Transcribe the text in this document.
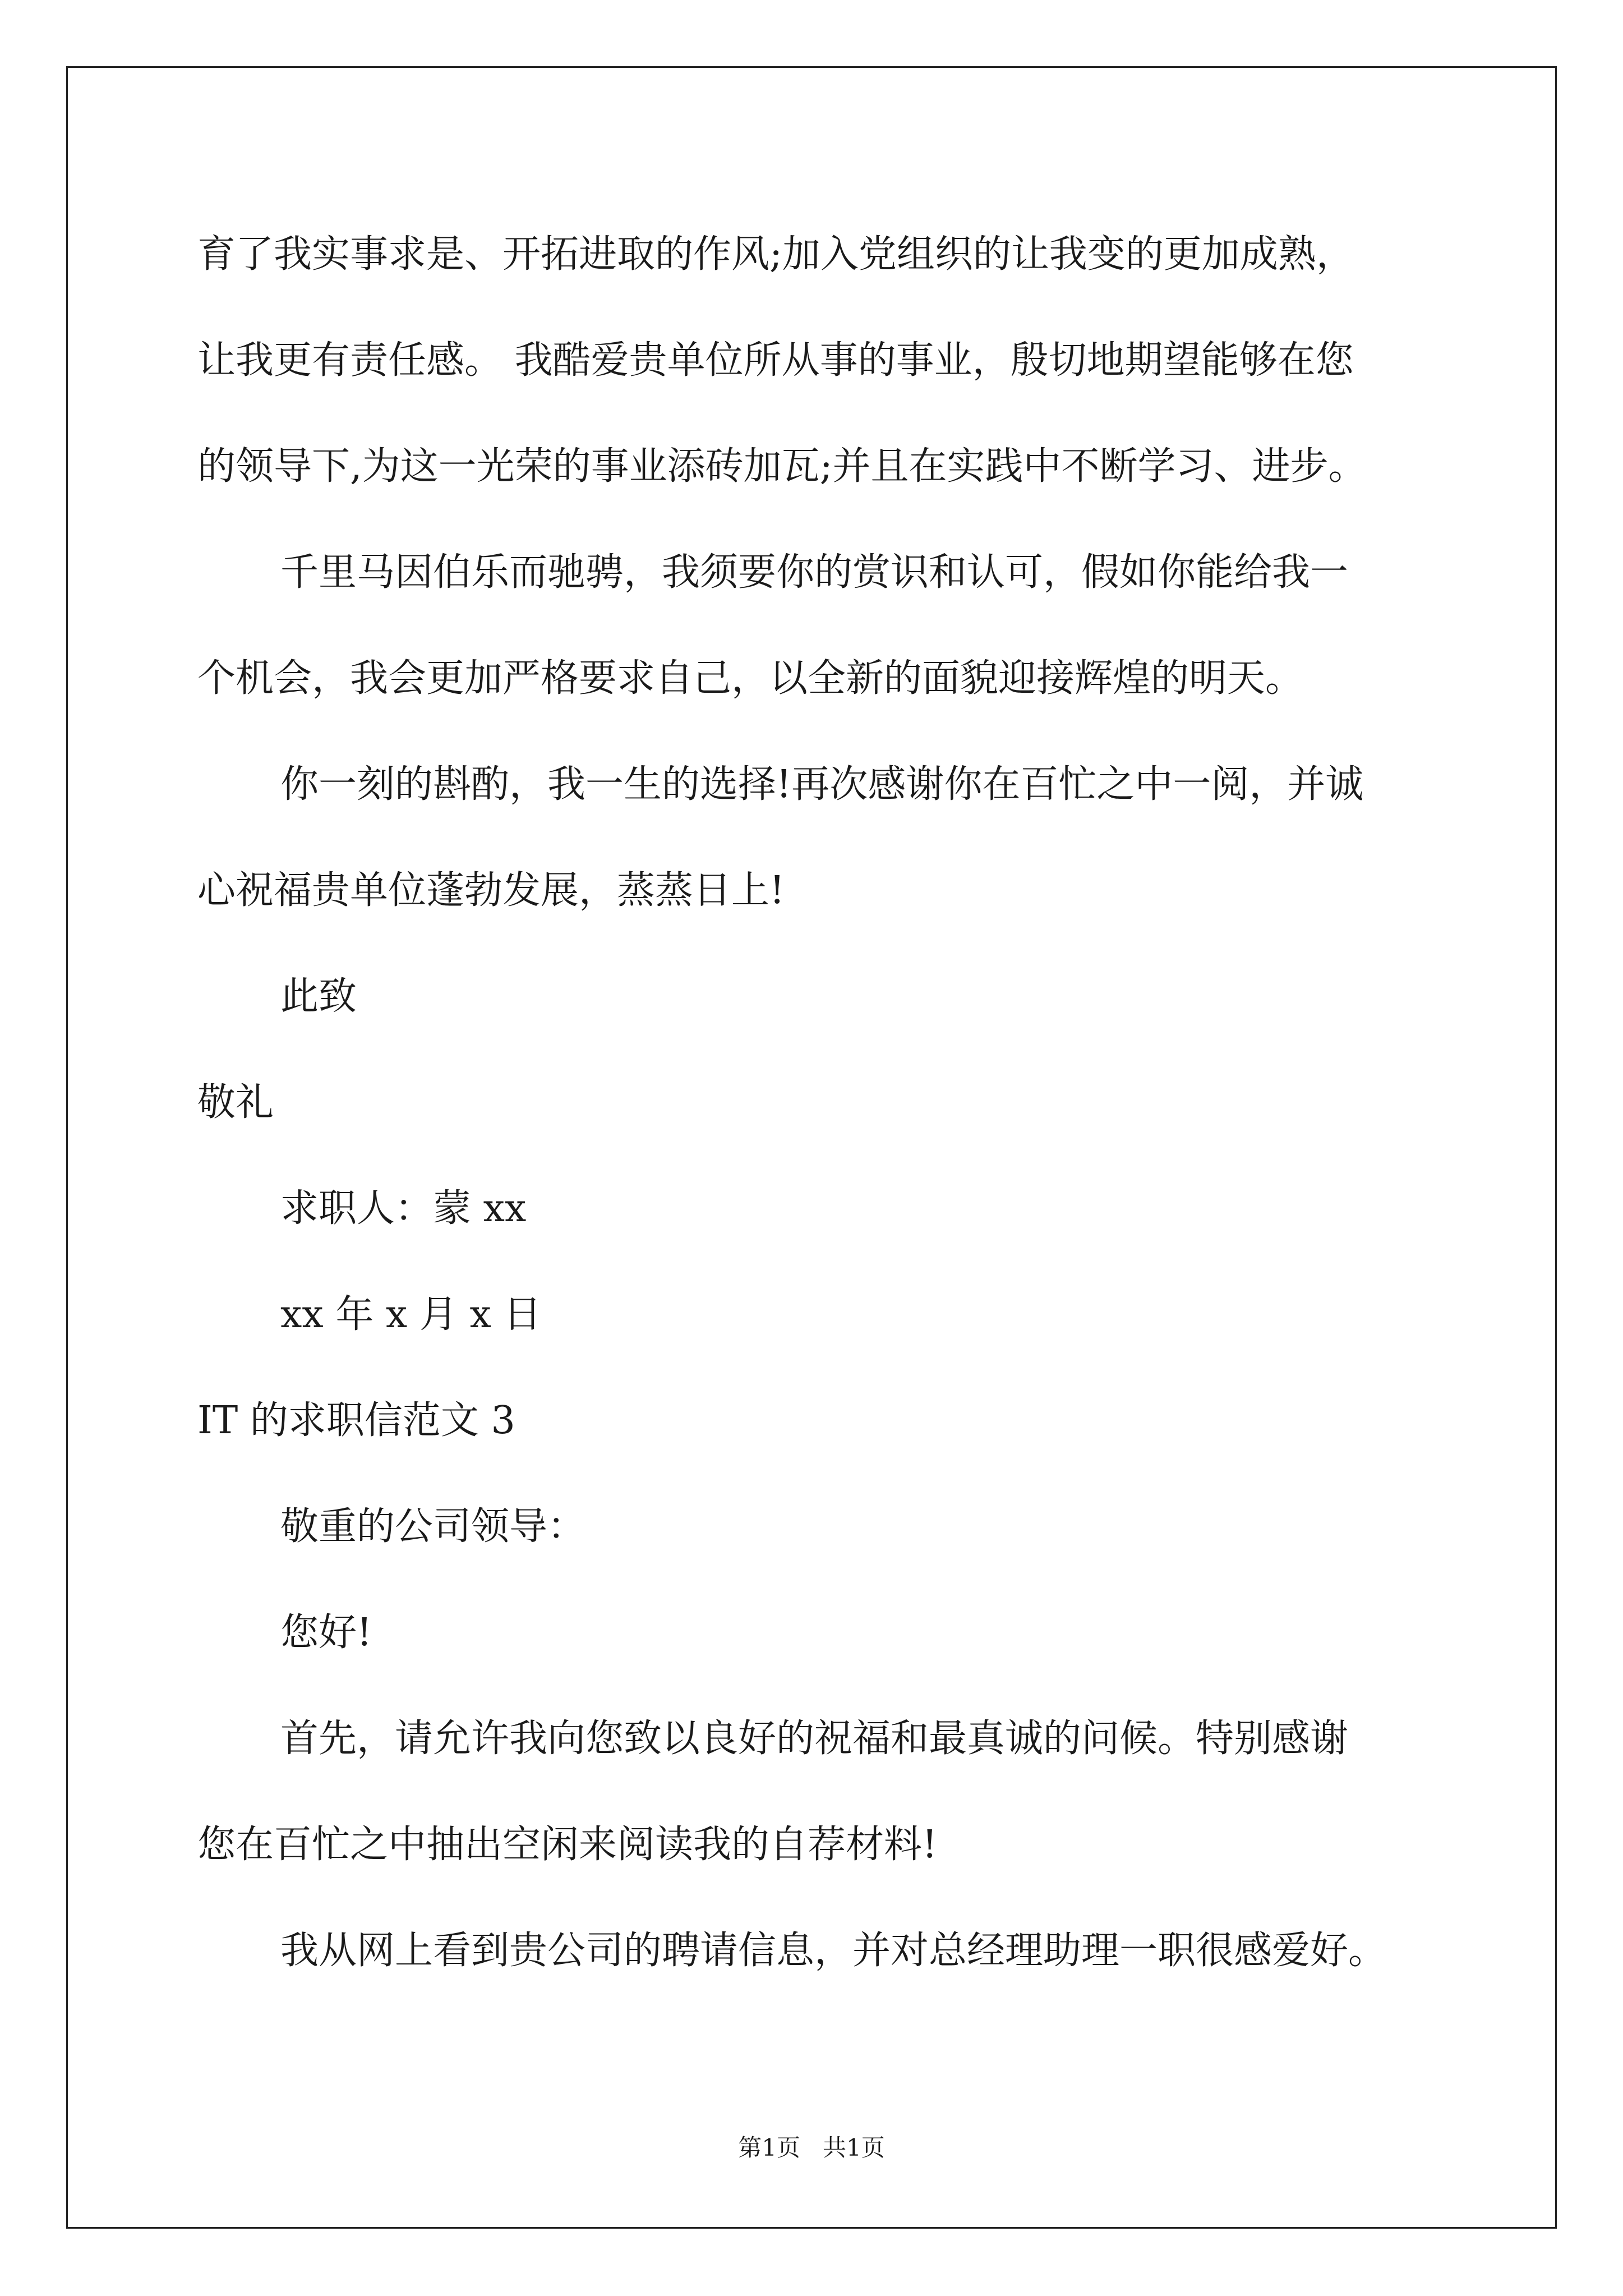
育了我实事求是、开拓进取的作风;加入党组织的让我变的更加成熟，
让我更有责任感。 我酷爱贵单位所从事的事业，殷切地期望能够在您
的领导下,为这一光荣的事业添砖加瓦;并且在实践中不断学习、进步。
千里马因伯乐而驰骋，我须要你的赏识和认可，假如你能给我一
个机会，我会更加严格要求自己，以全新的面貌迎接辉煌的明天。
你一刻的斟酌，我一生的选择!再次感谢你在百忙之中一阅，并诚
心祝福贵单位蓬勃发展，蒸蒸日上!
此致
敬礼
求职人：蒙 xx
xx 年 x 月 x 日
IT 的求职信范文 3
敬重的公司领导：
您好!
首先，请允许我向您致以良好的祝福和最真诚的问候。特别感谢
您在百忙之中抽出空闲来阅读我的自荐材料!
我从网上看到贵公司的聘请信息，并对总经理助理一职很感爱好。
第1页   共1页
